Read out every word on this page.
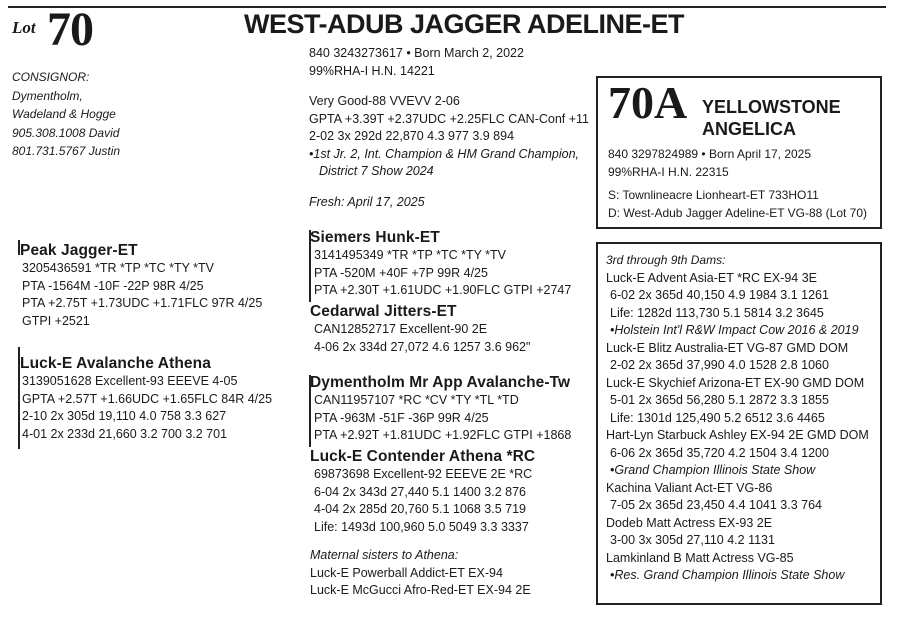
Lot 70	WEST-ADUB JAGGER ADELINE-ET
CONSIGNOR:
Dymentholm,
Wadeland & Hogge
905.308.1008 David
801.731.5767 Justin
840 3243273617 • Born March 2, 2022
99%RHA-I H.N. 14221
Very Good-88 VVEVV 2-06
GPTA +3.39T +2.37UDC +2.25FLC CAN-Conf +11
2-02 3x 292d 22,870 4.3 977 3.9 894
•1st Jr. 2, Int. Champion & HM Grand Champion,
District 7 Show 2024
Fresh: April 17, 2025
Peak Jagger-ET
3205436591 *TR *TP *TC *TY *TV
PTA -1564M -10F -22P 98R 4/25
PTA +2.75T +1.73UDC +1.71FLC 97R 4/25
GTPI +2521
Luck-E Avalanche Athena
3139051628 Excellent-93 EEEVE 4-05
GPTA +2.57T +1.66UDC +1.65FLC 84R 4/25
2-10 2x 305d 19,110 4.0 758 3.3 627
4-01 2x 233d 21,660 3.2 700 3.2 701
Siemers Hunk-ET
3141495349 *TR *TP *TC *TY *TV
PTA -520M +40F +7P 99R 4/25
PTA +2.30T +1.61UDC +1.90FLC GTPI +2747
Cedarwal Jitters-ET
CAN12852717 Excellent-90 2E
4-06 2x 334d 27,072 4.6 1257 3.6 962"
Dymentholm Mr App Avalanche-Tw
CAN11957107 *RC *CV *TY *TL *TD
PTA -963M -51F -36P 99R 4/25
PTA +2.92T +1.81UDC +1.92FLC GTPI +1868
Luck-E Contender Athena *RC
69873698 Excellent-92 EEEVE 2E *RC
6-04 2x 343d 27,440 5.1 1400 3.2 876
4-04 2x 285d 20,760 5.1 1068 3.5 719
Life: 1493d 100,960 5.0 5049 3.3 3337
Maternal sisters to Athena:
Luck-E Powerball Addict-ET EX-94
Luck-E McGucci Afro-Red-ET EX-94 2E
70A YELLOWSTONE
ANGELICA
840 3297824989 • Born April 17, 2025
99%RHA-I H.N. 22315
S: Townlineacre Lionheart-ET 733HO11
D: West-Adub Jagger Adeline-ET VG-88 (Lot 70)
3rd through 9th Dams:
Luck-E Advent Asia-ET *RC EX-94 3E
6-02 2x 365d 40,150 4.9 1984 3.1 1261
Life: 1282d 113,730 5.1 5814 3.2 3645
•Holstein Int'l R&W Impact Cow 2016 & 2019
Luck-E Blitz Australia-ET VG-87 GMD DOM
2-02 2x 365d 37,990 4.0 1528 2.8 1060
Luck-E Skychief Arizona-ET EX-90 GMD DOM
5-01 2x 365d 56,280 5.1 2872 3.3 1855
Life: 1301d 125,490 5.2 6512 3.6 4465
Hart-Lyn Starbuck Ashley EX-94 2E GMD DOM
6-06 2x 365d 35,720 4.2 1504 3.4 1200
•Grand Champion Illinois State Show
Kachina Valiant Act-ET VG-86
7-05 2x 365d 23,450 4.4 1041 3.3 764
Dodeb Matt Actress EX-93 2E
3-00 3x 305d 27,110 4.2 1131
Lamkinland B Matt Actress VG-85
•Res. Grand Champion Illinois State Show
